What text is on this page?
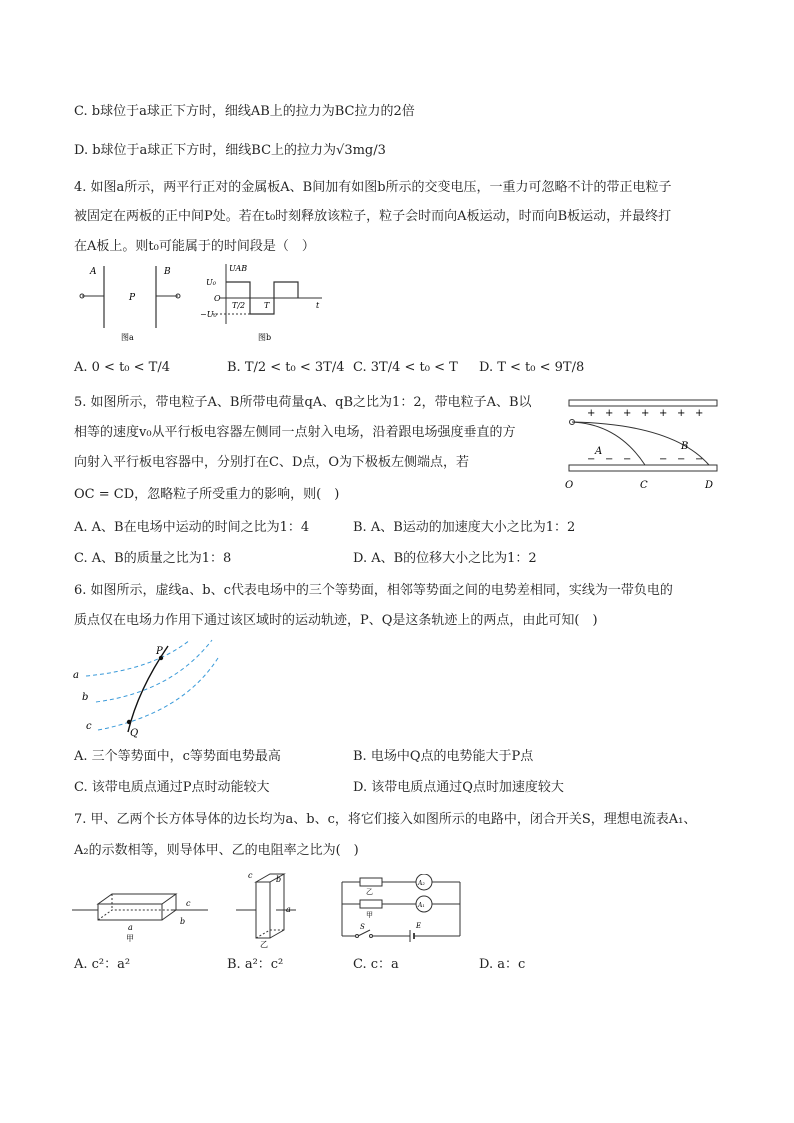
C. b球位于a球正下方时，细线AB上的拉力为BC拉力的2倍
D. b球位于a球正下方时，细线BC上的拉力为√3mg/3
4. 如图a所示，两平行正对的金属板A、B间加有如图b所示的交变电压，一重力可忽略不计的带正电粒子
被固定在两板的正中间P处。若在t₀时刻释放该粒子，粒子会时而向A板运动，时而向B板运动，并最终打
在A板上。则t₀可能属于的时间段是（　）
A	B
P
图a
UAB
U₀
O
−U₀
T/2 T	t
图b
A. 0 < t₀ < T/4	B. T/2 < t₀ < 3T/4 C. 3T/4 < t₀ < T D. T < t₀ < 9T/8
5. 如图所示，带电粒子A、B所带电荷量qA、qB之比为1：2，带电粒子A、B以
相等的速度v₀从平行板电容器左侧同一点射入电场，沿着跟电场强度垂直的方
向射入平行板电容器中，分别打在C、D点，O为下极板左侧端点，若
OC = CD，忽略粒子所受重力的影响，则(　)
+ + + + + + +
− − −	− − −
A	B
O	C	D
A. A、B在电场中运动的时间之比为1：4	B. A、B运动的加速度大小之比为1：2
C. A、B的质量之比为1：8	D. A、B的位移大小之比为1：2
6. 如图所示，虚线a、b、c代表电场中的三个等势面，相邻等势面之间的电势差相同，实线为一带负电的
质点仅在电场力作用下通过该区域时的运动轨迹，P、Q是这条轨迹上的两点，由此可知(　)
P
Q
a
b
c
A. 三个等势面中，c等势面电势最高	B. 电场中Q点的电势能大于P点
C. 该带电质点通过P点时动能较大	D. 该带电质点通过Q点时加速度较大
7. 甲、乙两个长方体导体的边长均为a、b、c，将它们接入如图所示的电路中，闭合开关S，理想电流表A₁、
A₂的示数相等，则导体甲、乙的电阻率之比为(　)
c
b
a
甲
c	b
a
乙
乙
甲
A₂
A₁
S	E
A. c²：a²	B. a²：c²	C. c：a	D. a：c
